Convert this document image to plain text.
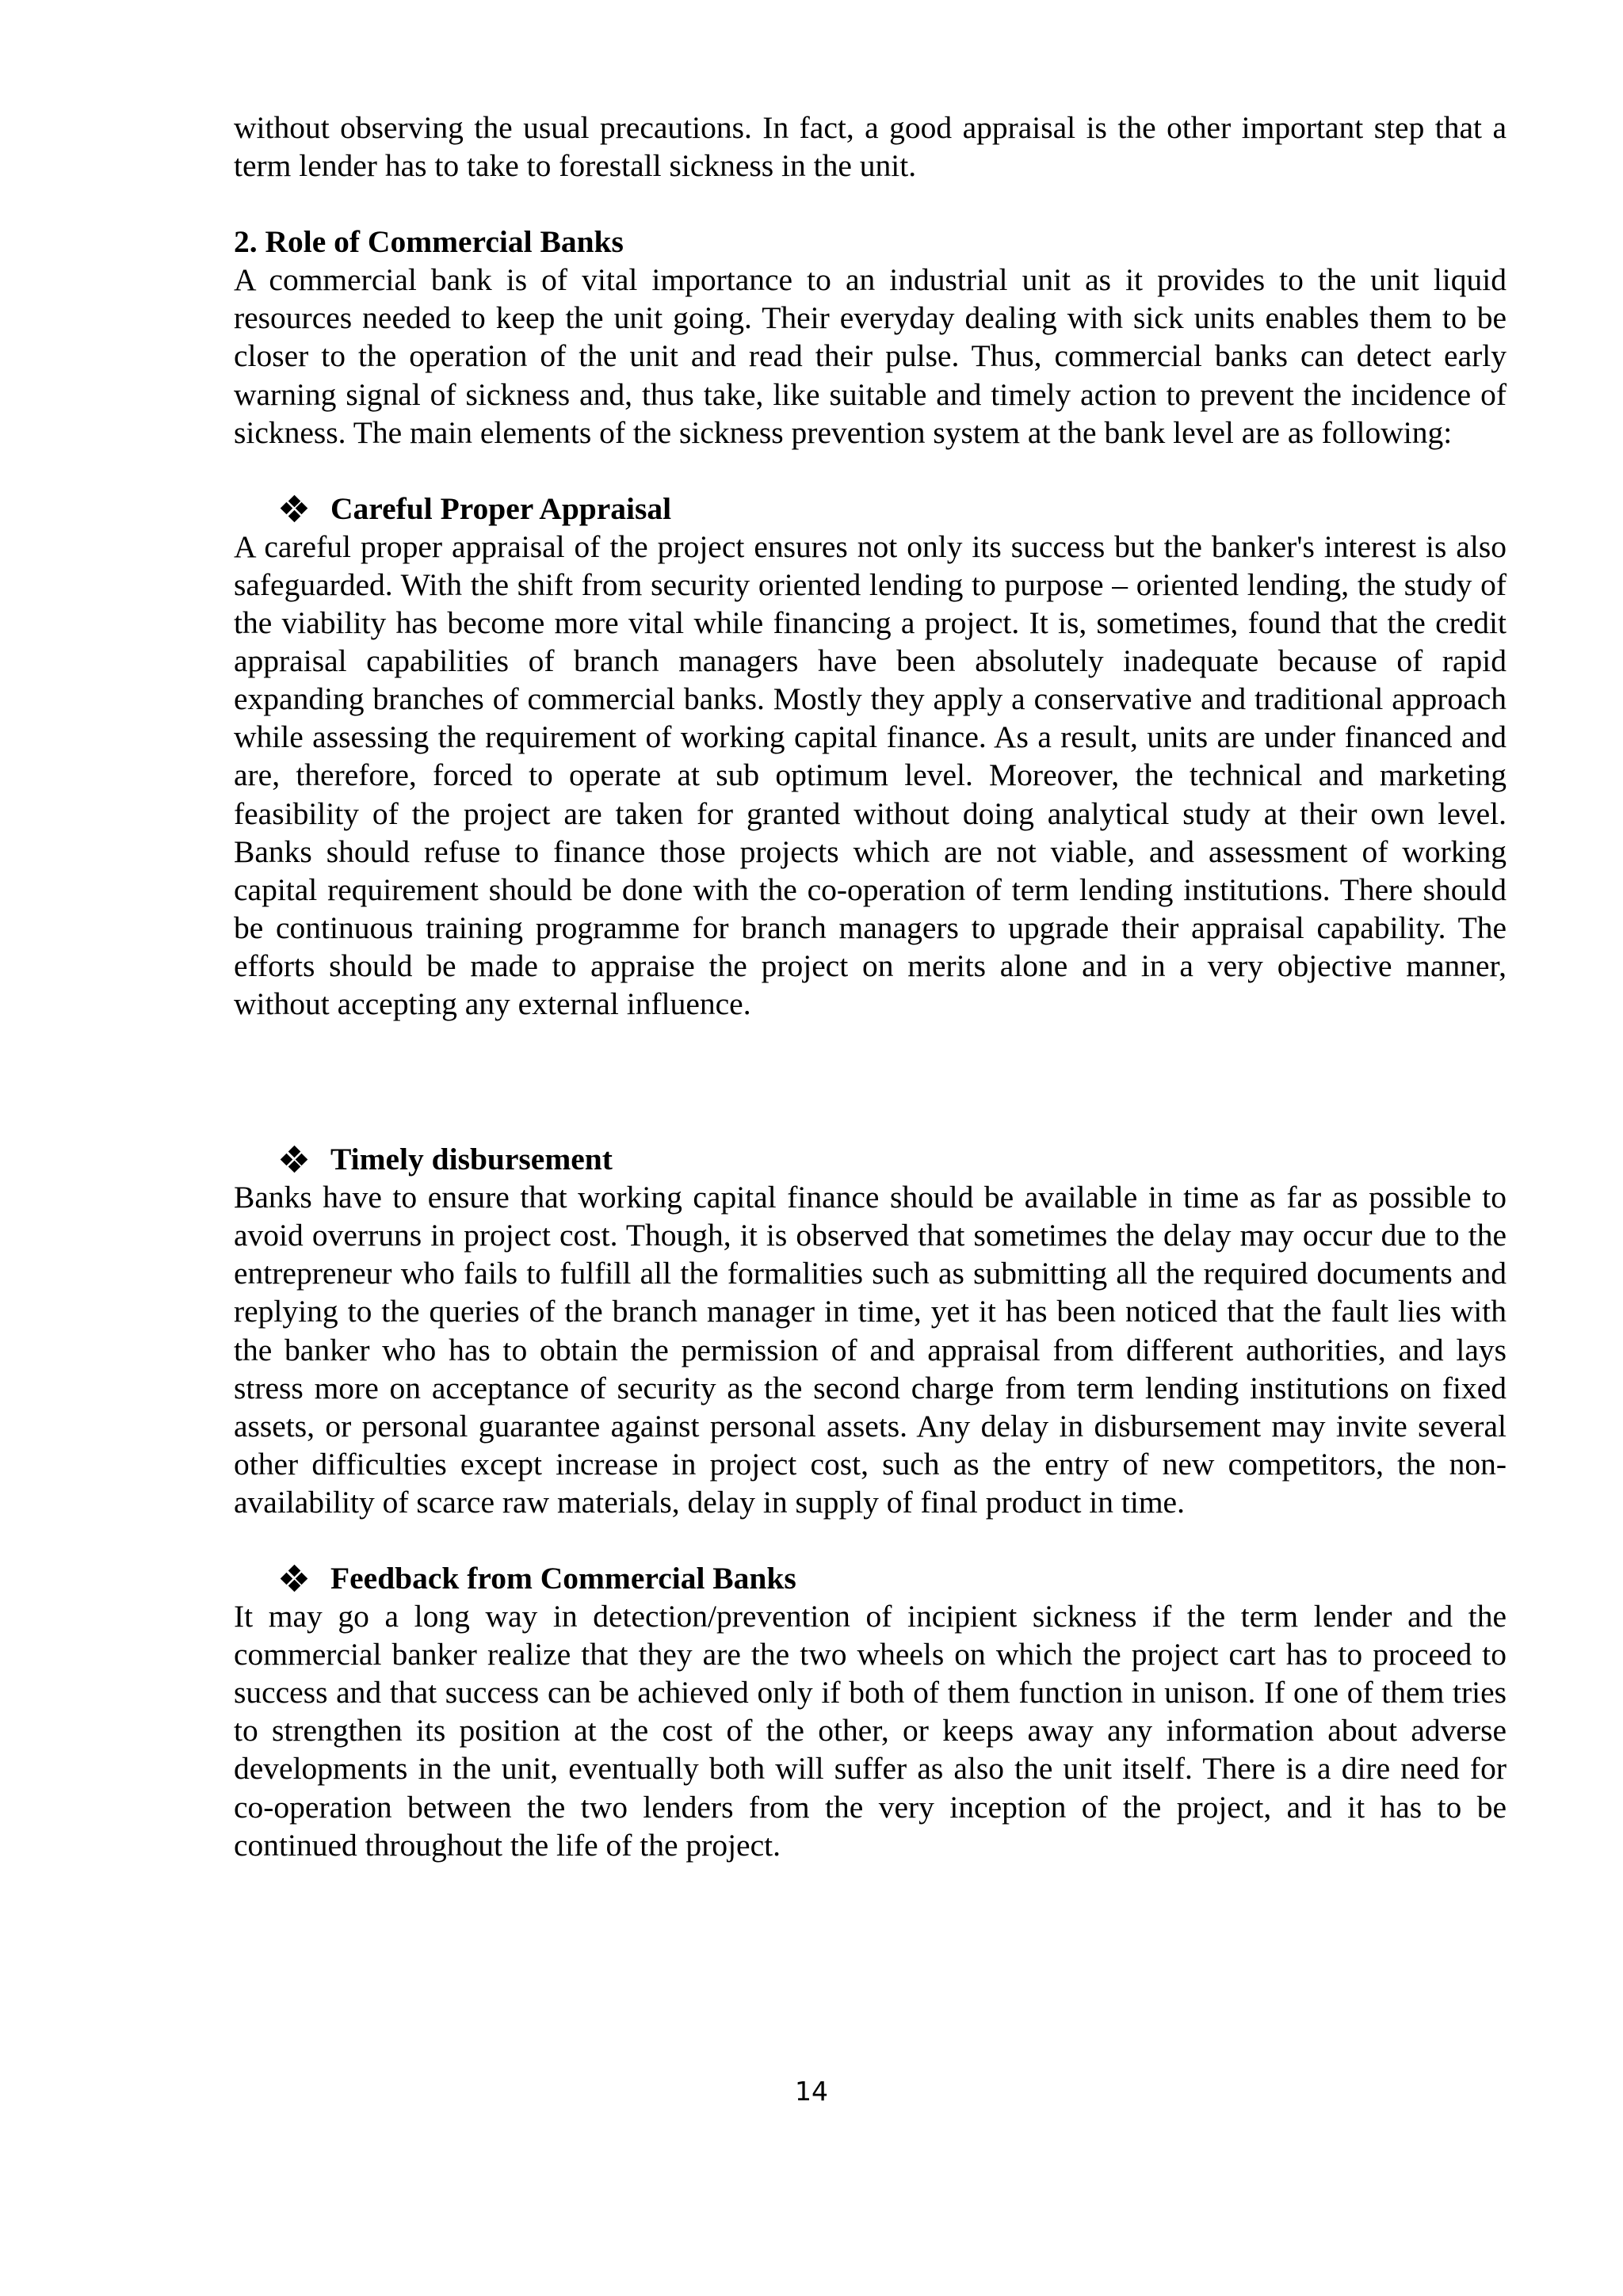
without observing the usual precautions. In fact, a good appraisal is the other important step that a term lender has to take to forestall sickness in the unit.

2. Role of Commercial Banks

A commercial bank is of vital importance to an industrial unit as it provides to the unit liquid resources needed to keep the unit going. Their everyday dealing with sick units enables them to be closer to the operation of the unit and read their pulse. Thus, commercial banks can detect early warning signal of sickness and, thus take, like suitable and timely action to prevent the incidence of sickness. The main elements of the sickness prevention system at the bank level are as following:

Careful Proper Appraisal

A careful proper appraisal of the project ensures not only its success but the banker's interest is also safeguarded. With the shift from security oriented lending to purpose – oriented lending, the study of the viability has become more vital while financing a project. It is, sometimes, found that the credit appraisal capabilities of branch managers have been absolutely inadequate because of rapid expanding branches of commercial banks. Mostly they apply a conservative and traditional approach while assessing the requirement of working capital finance. As a result, units are under financed and are, therefore, forced to operate at sub optimum level. Moreover, the technical and marketing feasibility of the project are taken for granted without doing analytical study at their own level. Banks should refuse to finance those projects which are not viable, and assessment of working capital requirement should be done with the co-operation of term lending institutions. There should be continuous training programme for branch managers to upgrade their appraisal capability. The efforts should be made to appraise the project on merits alone and in a very objective manner, without accepting any external influence.

Timely disbursement

Banks have to ensure that working capital finance should be available in time as far as possible to avoid overruns in project cost. Though, it is observed that sometimes the delay may occur due to the entrepreneur who fails to fulfill all the formalities such as submitting all the required documents and replying to the queries of the branch manager in time, yet it has been noticed that the fault lies with the banker who has to obtain the permission of and appraisal from different authorities, and lays stress more on acceptance of security as the second charge from term lending institutions on fixed assets, or personal guarantee against personal assets. Any delay in disbursement may invite several other difficulties except increase in project cost, such as the entry of new competitors, the non-availability of scarce raw materials, delay in supply of final product in time.

Feedback from Commercial Banks

It may go a long way in detection/prevention of incipient sickness if the term lender and the commercial banker realize that they are the two wheels on which the project cart has to proceed to success and that success can be achieved only if both of them function in unison. If one of them tries to strengthen its position at the cost of the other, or keeps away any information about adverse developments in the unit, eventually both will suffer as also the unit itself. There is a dire need for co-operation between the two lenders from the very inception of the project, and it has to be continued throughout the life of the project.

14
